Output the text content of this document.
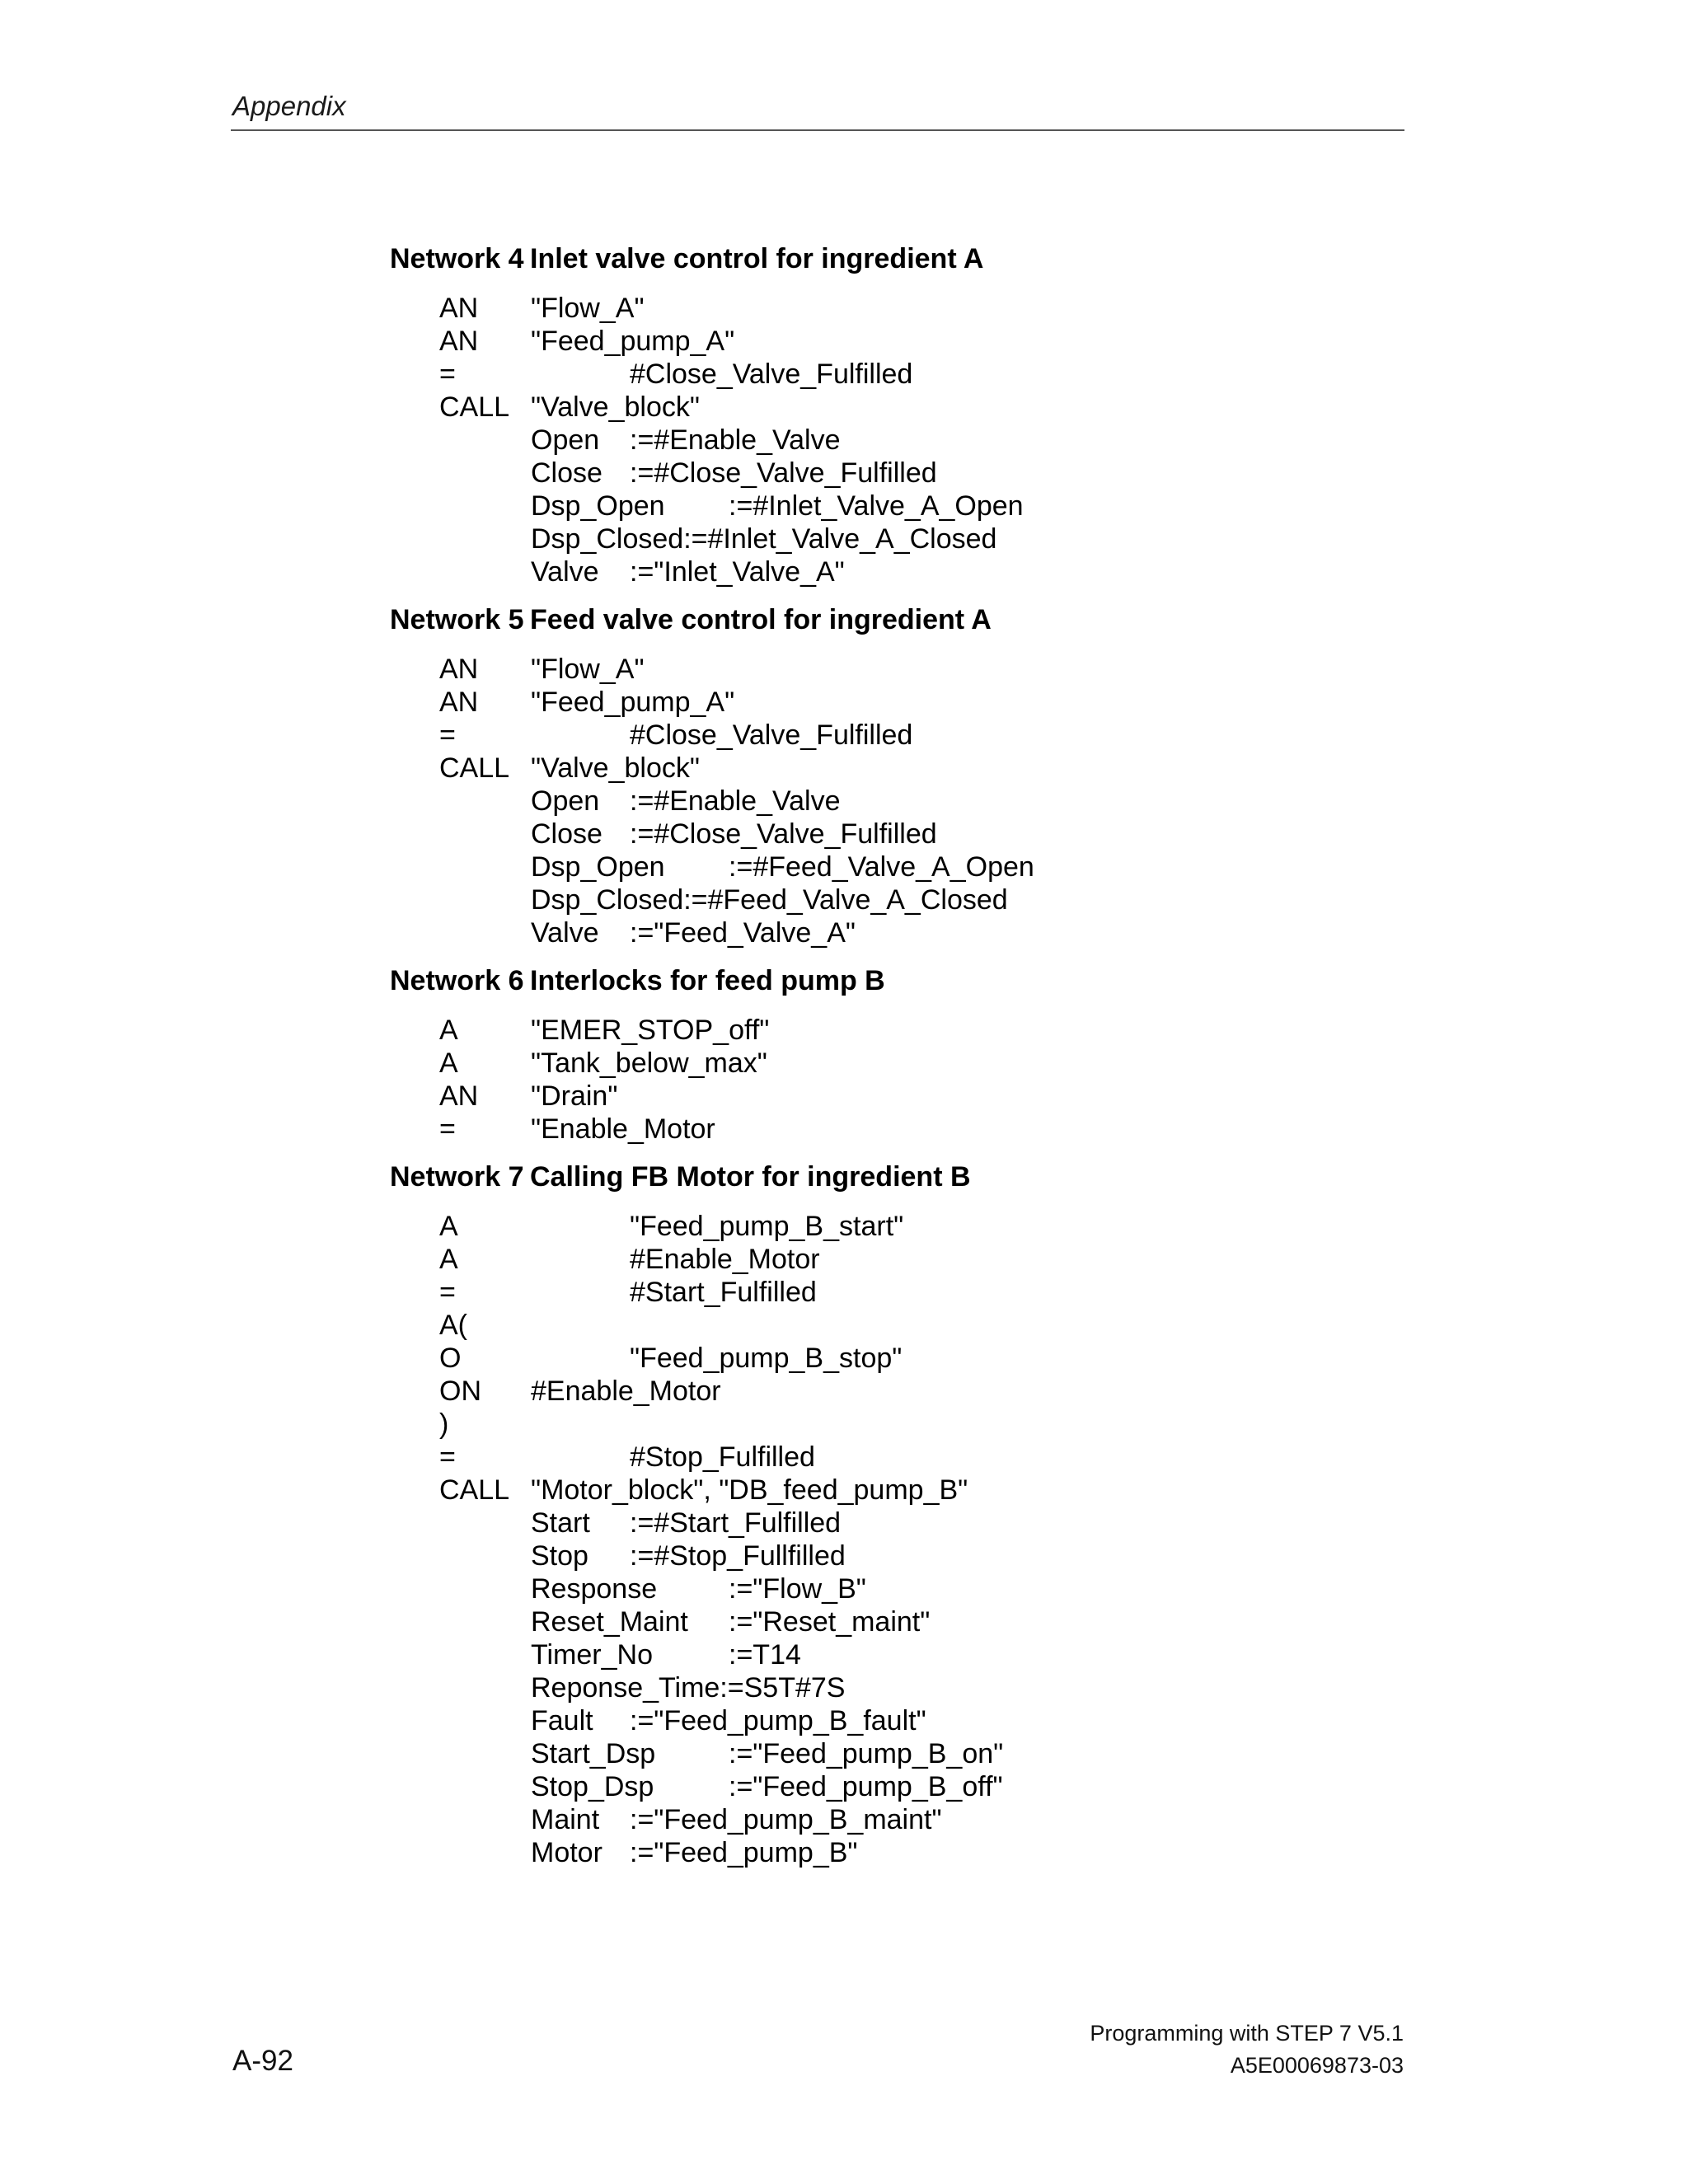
Appendix
Network 4 Inlet valve control for ingredient A
AN "Flow_A"
AN "Feed_pump_A"
=	#Close_Valve_Fulfilled
CALL "Valve_block"
Open :=#Enable_Valve
Close :=#Close_Valve_Fulfilled
Dsp_Open :=#Inlet_Valve_A_Open
Dsp_Closed:=#Inlet_Valve_A_Closed
Valve :="Inlet_Valve_A"
Network 5 Feed valve control for ingredient A
AN "Flow_A"
AN "Feed_pump_A"
=	#Close_Valve_Fulfilled
CALL "Valve_block"
Open :=#Enable_Valve
Close :=#Close_Valve_Fulfilled
Dsp_Open :=#Feed_Valve_A_Open
Dsp_Closed:=#Feed_Valve_A_Closed
Valve :="Feed_Valve_A"
Network 6 Interlocks for feed pump B
A	"EMER_STOP_off"
A	"Tank_below_max"
AN "Drain"
=	"Enable_Motor
Network 7 Calling FB Motor for ingredient B
A	"Feed_pump_B_start"
A	#Enable_Motor
=	#Start_Fulfilled
A(
O	"Feed_pump_B_stop"
ON #Enable_Motor
)
=	#Stop_Fulfilled
CALL "Motor_block", "DB_feed_pump_B"
Start :=#Start_Fulfilled
Stop :=#Stop_Fullfilled
Response	:="Flow_B"
Reset_Maint :="Reset_maint"
Timer_No	:=T14
Reponse_Time:=S5T#7S
Fault :="Feed_pump_B_fault"
Start_Dsp	:="Feed_pump_B_on"
Stop_Dsp	:="Feed_pump_B_off"
Maint :="Feed_pump_B_maint"
Motor :="Feed_pump_B"
Programming with STEP 7 V5.1
A5E00069873-03
A-92
